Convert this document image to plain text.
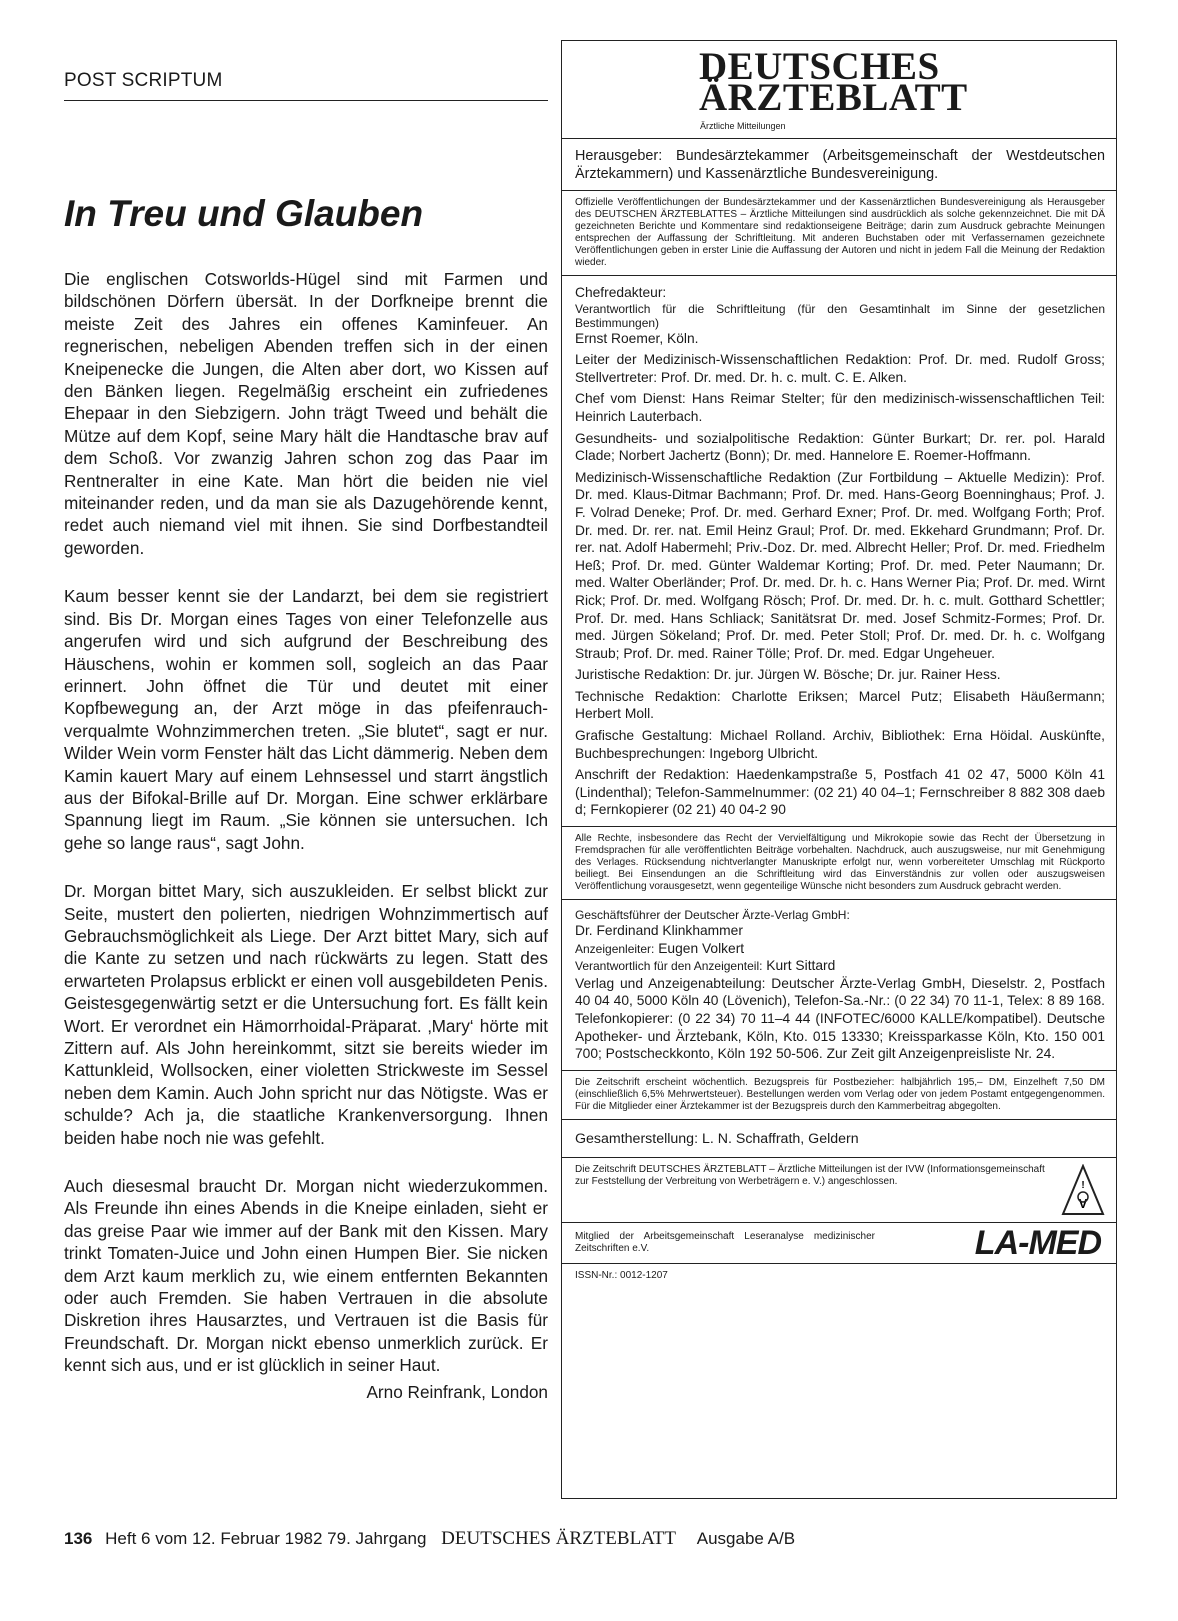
POST SCRIPTUM
In Treu und Glauben

Die englischen Cotsworlds-Hügel sind mit Farmen und bildschönen Dörfern übersät. In der Dorfkneipe brennt die meiste Zeit des Jahres ein offenes Kaminfeuer. An regnerischen, nebeligen Abenden treffen sich in der einen Kneipenecke die Jungen, die Alten aber dort, wo Kissen auf den Bänken liegen. Regelmäßig erscheint ein zufriedenes Ehepaar in den Siebzigern. John trägt Tweed und behält die Mütze auf dem Kopf, seine Mary hält die Handtasche brav auf dem Schoß. Vor zwanzig Jahren schon zog das Paar im Rentneralter in eine Kate. Man hört die beiden nie viel miteinander reden, und da man sie als Dazugehörende kennt, redet auch niemand viel mit ihnen. Sie sind Dorfbestandteil geworden.

Kaum besser kennt sie der Landarzt, bei dem sie registriert sind. Bis Dr. Morgan eines Tages von einer Telefonzelle aus angerufen wird und sich aufgrund der Beschreibung des Häuschens, wohin er kommen soll, sogleich an das Paar erinnert. John öffnet die Tür und deutet mit einer Kopfbewegung an, der Arzt möge in das pfeifenrauch-verqualmte Wohnzimmerchen treten. „Sie blutet“, sagt er nur. Wilder Wein vorm Fenster hält das Licht dämmerig. Neben dem Kamin kauert Mary auf einem Lehnsessel und starrt ängstlich aus der Bifokal-Brille auf Dr. Morgan. Eine schwer erklärbare Spannung liegt im Raum. „Sie können sie untersuchen. Ich gehe so lange raus“, sagt John.

Dr. Morgan bittet Mary, sich auszukleiden. Er selbst blickt zur Seite, mustert den polierten, niedrigen Wohnzimmertisch auf Gebrauchsmöglichkeit als Liege. Der Arzt bittet Mary, sich auf die Kante zu setzen und nach rückwärts zu legen. Statt des erwarteten Prolapsus erblickt er einen voll ausgebildeten Penis. Geistesgegenwärtig setzt er die Untersuchung fort. Es fällt kein Wort. Er verordnet ein Hämorrhoidal-Präparat. ‚Mary‘ hörte mit Zittern auf. Als John hereinkommt, sitzt sie bereits wieder im Kattunkleid, Wollsocken, einer violetten Strickweste im Sessel neben dem Kamin. Auch John spricht nur das Nötigste. Was er schulde? Ach ja, die staatliche Krankenversorgung. Ihnen beiden habe noch nie was gefehlt.

Auch diesesmal braucht Dr. Morgan nicht wiederzukommen. Als Freunde ihn eines Abends in die Kneipe einladen, sieht er das greise Paar wie immer auf der Bank mit den Kissen. Mary trinkt Tomaten-Juice und John einen Humpen Bier. Sie nicken dem Arzt kaum merklich zu, wie einem entfernten Bekannten oder auch Fremden. Sie haben Vertrauen in die absolute Diskretion ihres Hausarztes, und Vertrauen ist die Basis für Freundschaft. Dr. Morgan nickt ebenso unmerklich zurück. Er kennt sich aus, und er ist glücklich in seiner Haut.

Arno Reinfrank, London
DEUTSCHES
ÄRZTEBLATT
Ärztliche Mitteilungen
Herausgeber: Bundesärztekammer (Arbeitsgemeinschaft der Westdeutschen Ärztekammern) und Kassenärztliche Bundesvereinigung.
Offizielle Veröffentlichungen der Bundesärztekammer und der Kassenärztlichen Bundesvereinigung als Herausgeber des DEUTSCHEN ÄRZTEBLATTES – Ärztliche Mitteilungen sind ausdrücklich als solche gekennzeichnet. Die mit DÄ gezeichneten Berichte und Kommentare sind redaktionseigene Beiträge; darin zum Ausdruck gebrachte Meinungen entsprechen der Auffassung der Schriftleitung. Mit anderen Buchstaben oder mit Verfassernamen gezeichnete Veröffentlichungen geben in erster Linie die Auffassung der Autoren und nicht in jedem Fall die Meinung der Redaktion wieder.
Chefredakteur:
Verantwortlich für die Schriftleitung (für den Gesamtinhalt im Sinne der gesetzlichen Bestimmungen)
Ernst Roemer, Köln.
Leiter der Medizinisch-Wissenschaftlichen Redaktion: Prof. Dr. med. Rudolf Gross; Stellvertreter: Prof. Dr. med. Dr. h. c. mult. C. E. Alken.
Chef vom Dienst: Hans Reimar Stelter; für den medizinisch-wissenschaftlichen Teil: Heinrich Lauterbach.
Gesundheits- und sozialpolitische Redaktion: Günter Burkart; Dr. rer. pol. Harald Clade; Norbert Jachertz (Bonn); Dr. med. Hannelore E. Roemer-Hoffmann.
Medizinisch-Wissenschaftliche Redaktion (Zur Fortbildung – Aktuelle Medizin): Prof. Dr. med. Klaus-Ditmar Bachmann; Prof. Dr. med. Hans-Georg Boenninghaus; Prof. J. F. Volrad Deneke; Prof. Dr. med. Gerhard Exner; Prof. Dr. med. Wolfgang Forth; Prof. Dr. med. Dr. rer. nat. Emil Heinz Graul; Prof. Dr. med. Ekkehard Grundmann; Prof. Dr. rer. nat. Adolf Habermehl; Priv.-Doz. Dr. med. Albrecht Heller; Prof. Dr. med. Friedhelm Heß; Prof. Dr. med. Günter Waldemar Korting; Prof. Dr. med. Peter Naumann; Dr. med. Walter Oberländer; Prof. Dr. med. Dr. h. c. Hans Werner Pia; Prof. Dr. med. Wirnt Rick; Prof. Dr. med. Wolfgang Rösch; Prof. Dr. med. Dr. h. c. mult. Gotthard Schettler; Prof. Dr. med. Hans Schliack; Sanitätsrat Dr. med. Josef Schmitz-Formes; Prof. Dr. med. Jürgen Sökeland; Prof. Dr. med. Peter Stoll; Prof. Dr. med. Dr. h. c. Wolfgang Straub; Prof. Dr. med. Rainer Tölle; Prof. Dr. med. Edgar Ungeheuer.
Juristische Redaktion: Dr. jur. Jürgen W. Bösche; Dr. jur. Rainer Hess.
Technische Redaktion: Charlotte Eriksen; Marcel Putz; Elisabeth Häußermann; Herbert Moll.
Grafische Gestaltung: Michael Rolland. Archiv, Bibliothek: Erna Höidal. Auskünfte, Buchbesprechungen: Ingeborg Ulbricht.
Anschrift der Redaktion: Haedenkampstraße 5, Postfach 41 02 47, 5000 Köln 41 (Lindenthal); Telefon-Sammelnummer: (02 21) 40 04–1; Fernschreiber 8 882 308 daeb d; Fernkopierer (02 21) 40 04-2 90
Alle Rechte, insbesondere das Recht der Vervielfältigung und Mikrokopie sowie das Recht der Übersetzung in Fremdsprachen für alle veröffentlichten Beiträge vorbehalten. Nachdruck, auch auszugsweise, nur mit Genehmigung des Verlages. Rücksendung nichtverlangter Manuskripte erfolgt nur, wenn vorbereiteter Umschlag mit Rückporto beiliegt. Bei Einsendungen an die Schriftleitung wird das Einverständnis zur vollen oder auszugsweisen Veröffentlichung vorausgesetzt, wenn gegenteilige Wünsche nicht besonders zum Ausdruck gebracht werden.
Geschäftsführer der Deutscher Ärzte-Verlag GmbH:
Dr. Ferdinand Klinkhammer
Anzeigenleiter: Eugen Volkert
Verantwortlich für den Anzeigenteil: Kurt Sittard
Verlag und Anzeigenabteilung: Deutscher Ärzte-Verlag GmbH, Dieselstr. 2, Postfach 40 04 40, 5000 Köln 40 (Lövenich), Telefon-Sa.-Nr.: (0 22 34) 70 11-1, Telex: 8 89 168. Telefonkopierer: (0 22 34) 70 11–4 44 (INFOTEC/6000 KALLE/kompatibel). Deutsche Apotheker- und Ärztebank, Köln, Kto. 015 13330; Kreissparkasse Köln, Kto. 150 001 700; Postscheckkonto, Köln 192 50-506. Zur Zeit gilt Anzeigenpreisliste Nr. 24.
Die Zeitschrift erscheint wöchentlich. Bezugspreis für Postbezieher: halbjährlich 195,– DM, Einzelheft 7,50 DM (einschließlich 6,5% Mehrwertsteuer). Bestellungen werden vom Verlag oder von jedem Postamt entgegengenommen. Für die Mitglieder einer Ärztekammer ist der Bezugspreis durch den Kammerbeitrag abgegolten.
Gesamtherstellung: L. N. Schaffrath, Geldern
Die Zeitschrift DEUTSCHES ÄRZTEBLATT – Ärztliche Mitteilungen ist der IVW (Informationsgemeinschaft zur Feststellung der Verbreitung von Werbeträgern e. V.) angeschlossen.	!
V
Mitglied der Arbeitsgemeinschaft Leseranalyse medizinischer Zeitschriften e.V.	LA-MED
ISSN-Nr.: 0012-1207
136 Heft 6 vom 12. Februar 1982 79. Jahrgang DEUTSCHES ÄRZTEBLATT Ausgabe A/B
